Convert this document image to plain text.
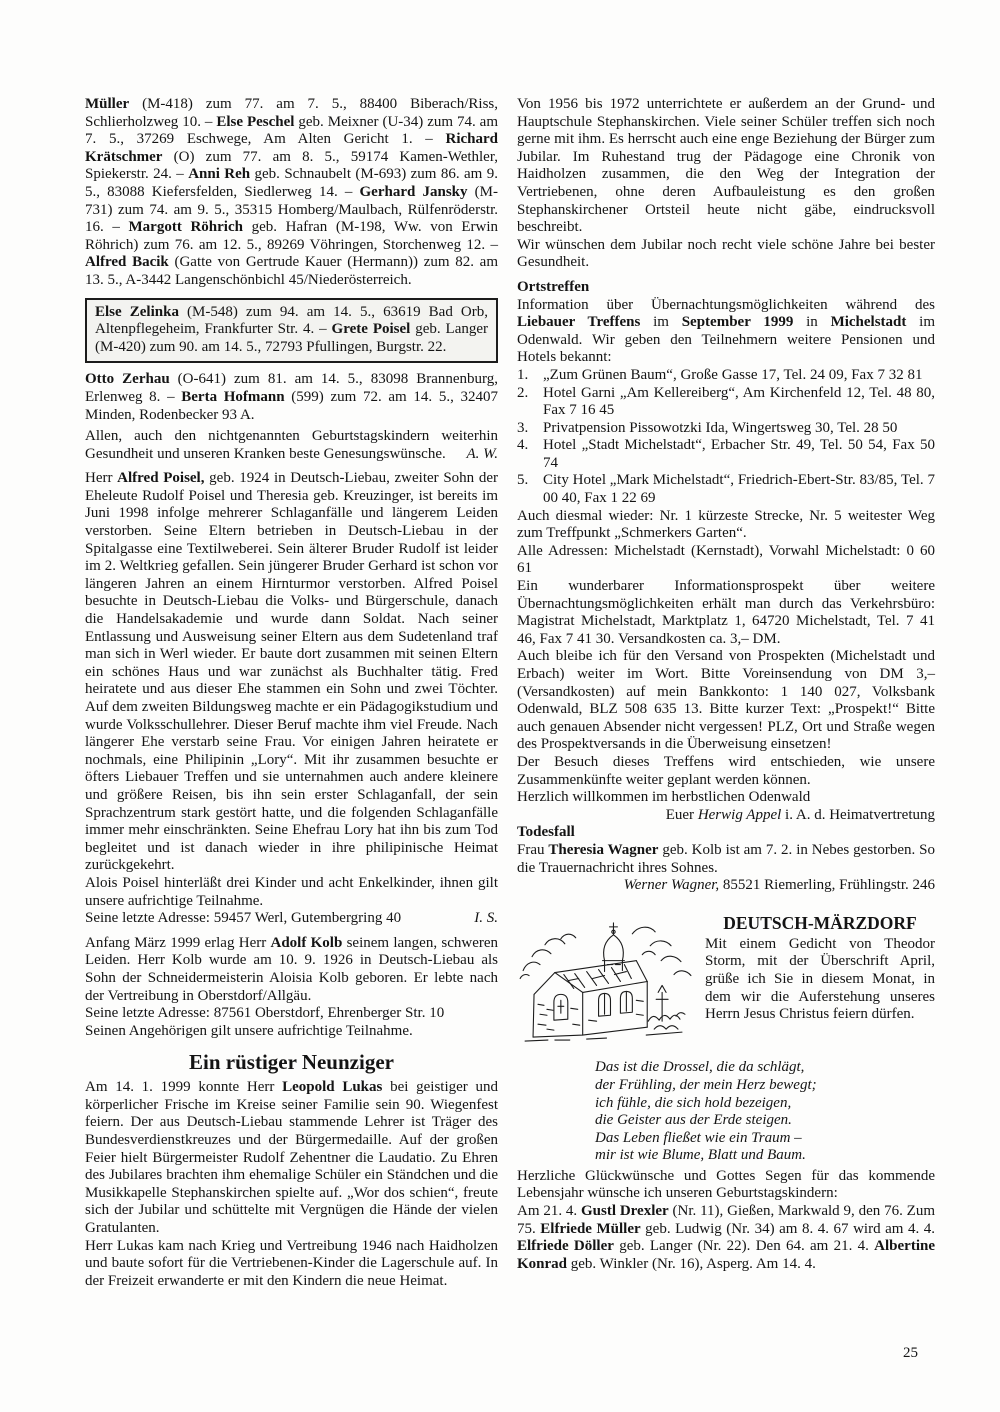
Müller (M-418) zum 77. am 7. 5., 88400 Biberach/Riss, Schlierholzweg 10. – Else Peschel geb. Meixner (U-34) zum 74. am 7. 5., 37269 Eschwege, Am Alten Gericht 1. – Richard Krätschmer (O) zum 77. am 8. 5., 59174 Kamen-Wethler, Spiekerstr. 24. – Anni Reh geb. Schnaubelt (M-693) zum 86. am 9. 5., 83088 Kiefersfelden, Siedlerweg 14. – Gerhard Jansky (M-731) zum 74. am 9. 5., 35315 Homberg/Maulbach, Rülfenröderstr. 16. – Margott Röhrich geb. Hafran (M-198, Ww. von Erwin Röhrich) zum 76. am 12. 5., 89269 Vöhringen, Storchenweg 12. – Alfred Bacik (Gatte von Gertrude Kauer (Hermann)) zum 82. am 13. 5., A-3442 Langenschönbichl 45/Niederösterreich.

Else Zelinka (M-548) zum 94. am 14. 5., 63619 Bad Orb, Altenpflegeheim, Frankfurter Str. 4. – Grete Poisel geb. Langer (M-420) zum 90. am 14. 5., 72793 Pfullingen, Burgstr. 22.

Otto Zerhau (O-641) zum 81. am 14. 5., 83098 Brannenburg, Erlenweg 8. – Berta Hofmann (599) zum 72. am 14. 5., 32407 Minden, Rodenbecker 93 A.

Allen, auch den nichtgenannten Geburtstagskindern weiterhin Gesundheit und unseren Kranken beste Genesungswünsche.	A. W.

Herr Alfred Poisel, geb. 1924 in Deutsch-Liebau, zweiter Sohn der Eheleute Rudolf Poisel und Theresia geb. Kreuzinger, ist bereits im Juni 1998 infolge mehrerer Schlaganfälle und längerem Leiden verstorben. Seine Eltern betrieben in Deutsch-Liebau in der Spitalgasse eine Textilweberei. Sein älterer Bruder Rudolf ist leider im 2. Weltkrieg gefallen. Sein jüngerer Bruder Gerhard ist schon vor längeren Jahren an einem Hirnturmor verstorben. Alfred Poisel besuchte in Deutsch-Liebau die Volks- und Bürgerschule, danach die Handelsakademie und wurde dann Soldat. Nach seiner Entlassung und Ausweisung seiner Eltern aus dem Sudetenland traf man sich in Werl wieder. Er baute dort zusammen mit seinen Eltern ein schönes Haus und war zunächst als Buchhalter tätig. Fred heiratete und aus dieser Ehe stammen ein Sohn und zwei Töchter. Auf dem zweiten Bildungsweg machte er ein Pädagogikstudium und wurde Volksschullehrer. Dieser Beruf machte ihm viel Freude. Nach längerer Ehe verstarb seine Frau. Vor einigen Jahren heiratete er nochmals, eine Philipinin „Lory“. Mit ihr zusammen besuchte er öfters Liebauer Treffen und sie unternahmen auch andere kleinere und größere Reisen, bis ihn sein erster Schlaganfall, der sein Sprachzentrum stark gestört hatte, und die folgenden Schlaganfälle immer mehr einschränkten. Seine Ehefrau Lory hat ihn bis zum Tod begleitet und ist danach wieder in ihre philipinische Heimat zurückgekehrt.

Alois Poisel hinterläßt drei Kinder und acht Enkelkinder, ihnen gilt unsere aufrichtige Teilnahme.

Seine letzte Adresse: 59457 Werl, Gutembergring 40	I. S.

Anfang März 1999 erlag Herr Adolf Kolb seinem langen, schweren Leiden. Herr Kolb wurde am 10. 9. 1926 in Deutsch-Liebau als Sohn der Schneidermeisterin Aloisia Kolb geboren. Er lebte nach der Vertreibung in Oberstdorf/Allgäu.

Seine letzte Adresse: 87561 Oberstdorf, Ehrenberger Str. 10

Seinen Angehörigen gilt unsere aufrichtige Teilnahme.

Ein rüstiger Neunziger

Am 14. 1. 1999 konnte Herr Leopold Lukas bei geistiger und körperlicher Frische im Kreise seiner Familie sein 90. Wiegenfest feiern. Der aus Deutsch-Liebau stammende Lehrer ist Träger des Bundesverdienstkreuzes und der Bürgermedaille. Auf der großen Feier hielt Bürgermeister Rudolf Zehentner die Laudatio. Zu Ehren des Jubilares brachten ihm ehemalige Schüler ein Ständchen und die Musikkapelle Stephanskirchen spielte auf. „Wor dos schien“, freute sich der Jubilar und schüttelte mit Vergnügen die Hände der vielen Gratulanten.

Herr Lukas kam nach Krieg und Vertreibung 1946 nach Haidholzen und baute sofort für die Vertriebenen-Kinder die Lagerschule auf. In der Freizeit erwanderte er mit den Kindern die neue Heimat.

Von 1956 bis 1972 unterrichtete er außerdem an der Grund- und Hauptschule Stephanskirchen. Viele seiner Schüler treffen sich noch gerne mit ihm. Es herrscht auch eine enge Beziehung der Bürger zum Jubilar. Im Ruhestand trug der Pädagoge eine Chronik von Haidholzen zusammen, die den Weg der Integration der Vertriebenen, ohne deren Aufbauleistung es den großen Stephanskirchener Ortsteil heute nicht gäbe, eindrucksvoll beschreibt.

Wir wünschen dem Jubilar noch recht viele schöne Jahre bei bester Gesundheit.

Ortstreffen

Information über Übernachtungsmöglichkeiten während des Liebauer Treffens im September 1999 in Michelstadt im Odenwald. Wir geben den Teilnehmern weitere Pensionen und Hotels bekannt:

1. „Zum Grünen Baum“, Große Gasse 17, Tel. 24 09, Fax 7 32 81
2. Hotel Garni „Am Kellereiberg“, Am Kirchenfeld 12, Tel. 48 80, Fax 7 16 45
3. Privatpension Pissowotzki Ida, Wingertsweg 30, Tel. 28 50
4. Hotel „Stadt Michelstadt“, Erbacher Str. 49, Tel. 50 54, Fax 50 74
5. City Hotel „Mark Michelstadt“, Friedrich-Ebert-Str. 83/85, Tel. 7 00 40, Fax 1 22 69

Auch diesmal wieder: Nr. 1 kürzeste Strecke, Nr. 5 weitester Weg zum Treffpunkt „Schmerkers Garten“.

Alle Adressen: Michelstadt (Kernstadt), Vorwahl Michelstadt: 0 60 61

Ein wunderbarer Informationsprospekt über weitere Übernachtungsmöglichkeiten erhält man durch das Verkehrsbüro: Magistrat Michelstadt, Marktplatz 1, 64720 Michelstadt, Tel. 7 41 46, Fax 7 41 30. Versandkosten ca. 3,– DM.

Auch bleibe ich für den Versand von Prospekten (Michelstadt und Erbach) weiter im Wort. Bitte Voreinsendung von DM 3,– (Versandkosten) auf mein Bankkonto: 1 140 027, Volksbank Odenwald, BLZ 508 635 13. Bitte kurzer Text: „Prospekt!“ Bitte auch genauen Absender nicht vergessen! PLZ, Ort und Straße wegen des Prospektversands in die Überweisung einsetzen!

Der Besuch dieses Treffens wird entschieden, wie unsere Zusammenkünfte weiter geplant werden können.

Herzlich willkommen im herbstlichen Odenwald

Euer Herwig Appel i. A. d. Heimatvertretung

Todesfall

Frau Theresia Wagner geb. Kolb ist am 7. 2. in Nebes gestorben. So die Trauernachricht ihres Sohnes.

Werner Wagner, 85521 Riemerling, Frühlingstr. 246

DEUTSCH-MÄRZDORF

Mit einem Gedicht von Theodor Storm, mit der Überschrift April, grüße ich Sie in diesem Monat, in dem wir die Auferstehung unseres Herrn Jesus Christus feiern dürfen.

Das ist die Drossel, die da schlägt,
der Frühling, der mein Herz bewegt;
ich fühle, die sich hold bezeigen,
die Geister aus der Erde steigen.
Das Leben fließet wie ein Traum –
mir ist wie Blume, Blatt und Baum.

Herzliche Glückwünsche und Gottes Segen für das kommende Lebensjahr wünsche ich unseren Geburtstagskindern:

Am 21. 4. Gustl Drexler (Nr. 11), Gießen, Markwald 9, den 76. Zum 75. Elfriede Müller geb. Ludwig (Nr. 34) am 8. 4. 67 wird am 4. 4. Elfriede Döller geb. Langer (Nr. 22). Den 64. am 21. 4. Albertine Konrad geb. Winkler (Nr. 16), Asperg. Am 14. 4.

25
